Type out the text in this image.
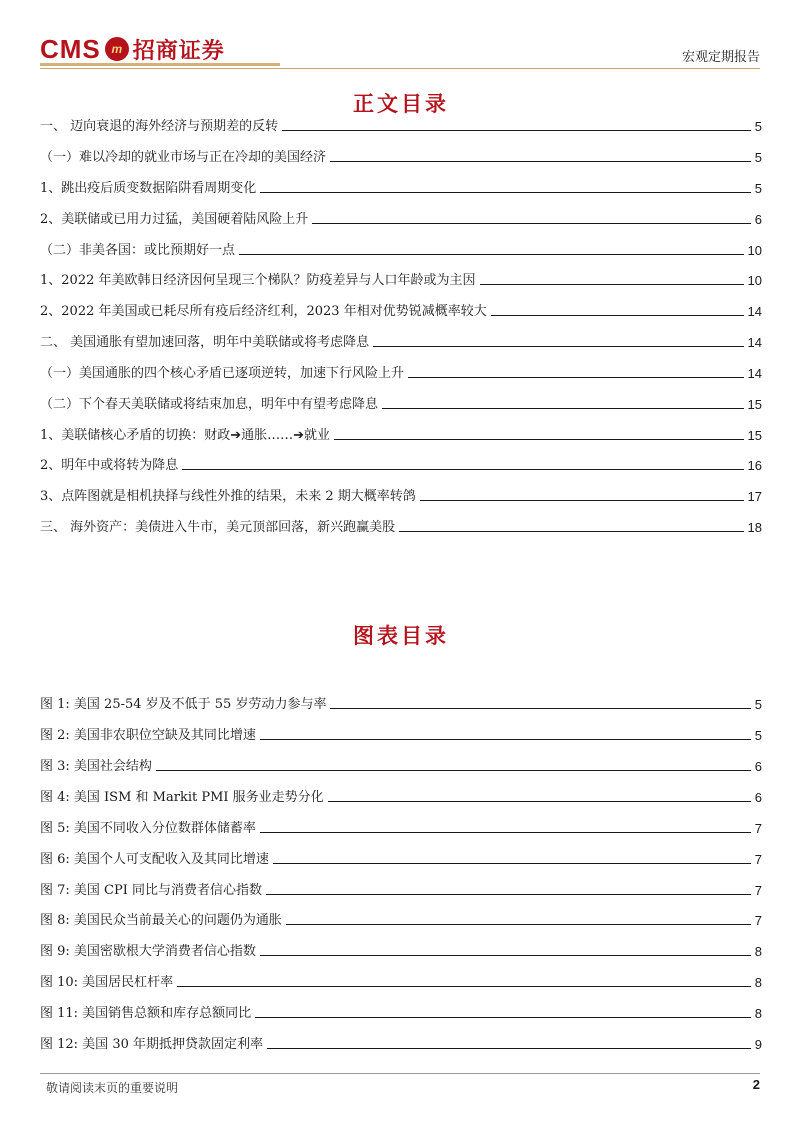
CMS m 招商证券	宏观定期报告
正文目录
一、 迈向衰退的海外经济与预期差的反转	5
（一）难以冷却的就业市场与正在冷却的美国经济	5
1、跳出疫后质变数据陷阱看周期变化	5
2、美联储或已用力过猛，美国硬着陆风险上升	6
（二）非美各国：或比预期好一点	10
1、2022 年美欧韩日经济因何呈现三个梯队？防疫差异与人口年龄或为主因	10
2、2022 年美国或已耗尽所有疫后经济红利，2023 年相对优势锐减概率较大	14
二、 美国通胀有望加速回落，明年中美联储或将考虑降息	14
（一）美国通胀的四个核心矛盾已逐项逆转，加速下行风险上升	14
（二）下个春天美联储或将结束加息，明年中有望考虑降息	15
1、美联储核心矛盾的切换：财政➔通胀……➔就业	15
2、明年中或将转为降息	16
3、点阵图就是相机抉择与线性外推的结果，未来 2 期大概率转鸽	17
三、 海外资产：美债进入牛市，美元顶部回落，新兴跑赢美股	18
图表目录
图 1: 美国 25-54 岁及不低于 55 岁劳动力参与率	5
图 2: 美国非农职位空缺及其同比增速	5
图 3: 美国社会结构	6
图 4: 美国 ISM 和 Markit PMI 服务业走势分化	6
图 5: 美国不同收入分位数群体储蓄率	7
图 6: 美国个人可支配收入及其同比增速	7
图 7: 美国 CPI 同比与消费者信心指数	7
图 8: 美国民众当前最关心的问题仍为通胀	7
图 9: 美国密歇根大学消费者信心指数	8
图 10: 美国居民杠杆率	8
图 11: 美国销售总额和库存总额同比	8
图 12: 美国 30 年期抵押贷款固定利率	9
敬请阅读末页的重要说明	2
